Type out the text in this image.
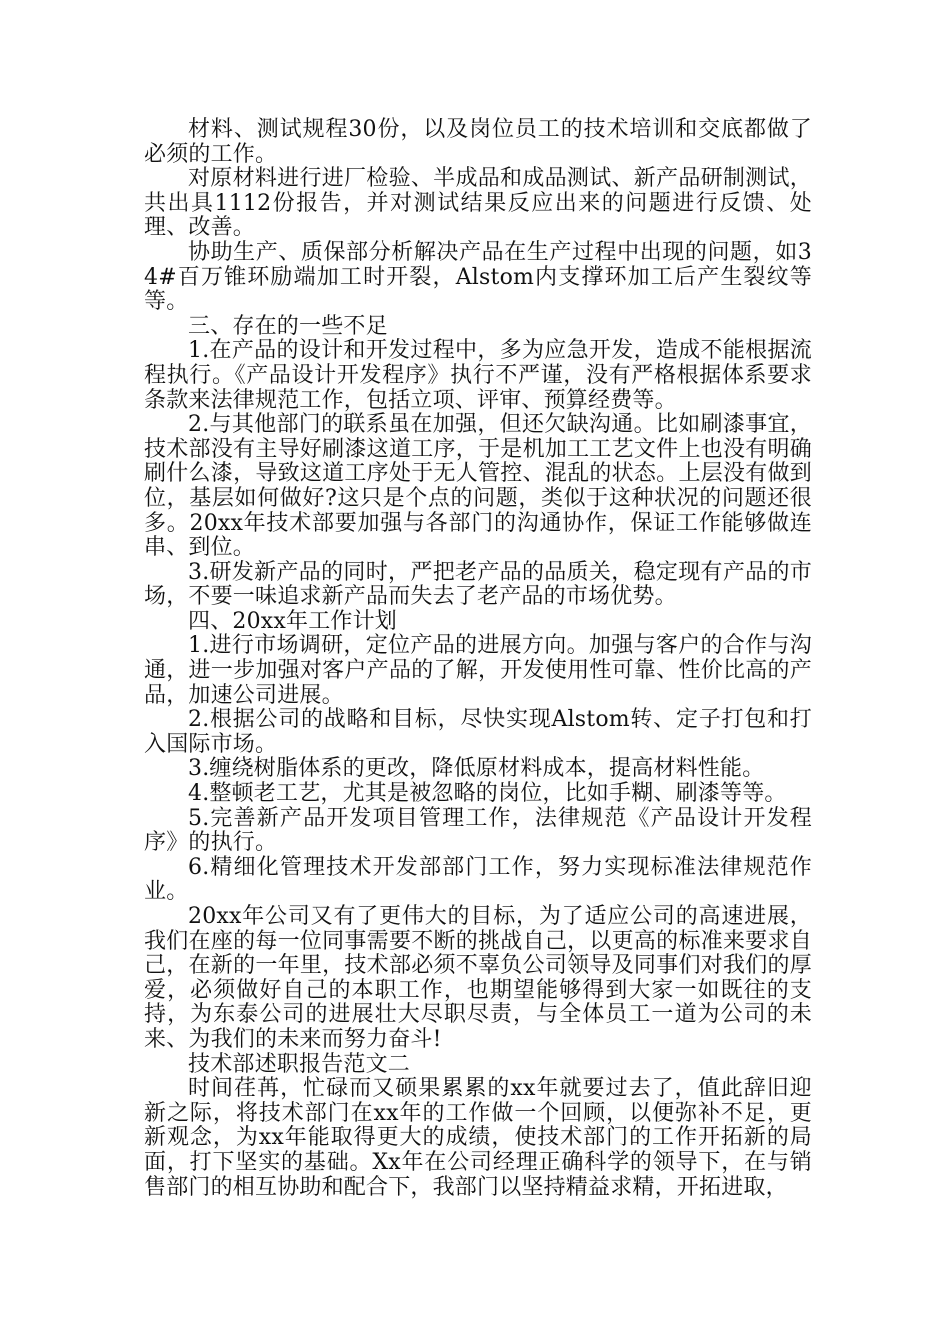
材料、测试规程30份，以及岗位员工的技术培训和交底都做了必须的工作。

对原材料进行进厂检验、半成品和成品测试、新产品研制测试，共出具1112份报告，并对测试结果反应出来的问题进行反馈、处理、改善。

协助生产、质保部分析解决产品在生产过程中出现的问题，如34#百万锥环励端加工时开裂，Alstom内支撑环加工后产生裂纹等等。

三、存在的一些不足

1.在产品的设计和开发过程中，多为应急开发，造成不能根据流程执行。《产品设计开发程序》执行不严谨，没有严格根据体系要求条款来法律规范工作，包括立项、评审、预算经费等。

2.与其他部门的联系虽在加强，但还欠缺沟通。比如刷漆事宜，技术部没有主导好刷漆这道工序，于是机加工工艺文件上也没有明确刷什么漆，导致这道工序处于无人管控、混乱的状态。上层没有做到位，基层如何做好?这只是个点的问题，类似于这种状况的问题还很多。20xx年技术部要加强与各部门的沟通协作，保证工作能够做连串、到位。

3.研发新产品的同时，严把老产品的品质关，稳定现有产品的市场，不要一味追求新产品而失去了老产品的市场优势。

四、20xx年工作计划

1.进行市场调研，定位产品的进展方向。加强与客户的合作与沟通，进一步加强对客户产品的了解，开发使用性可靠、性价比高的产品，加速公司进展。

2.根据公司的战略和目标，尽快实现Alstom转、定子打包和打入国际市场。

3.缠绕树脂体系的更改，降低原材料成本，提高材料性能。

4.整顿老工艺，尤其是被忽略的岗位，比如手糊、刷漆等等。

5.完善新产品开发项目管理工作，法律规范《产品设计开发程序》的执行。

6.精细化管理技术开发部部门工作，努力实现标准法律规范作业。

20xx年公司又有了更伟大的目标，为了适应公司的高速进展，我们在座的每一位同事需要不断的挑战自己，以更高的标准来要求自己，在新的一年里，技术部必须不辜负公司领导及同事们对我们的厚爱，必须做好自己的本职工作，也期望能够得到大家一如既往的支持，为东泰公司的进展壮大尽职尽责，与全体员工一道为公司的未来、为我们的未来而努力奋斗!

技术部述职报告范文二

时间荏苒，忙碌而又硕果累累的xx年就要过去了，值此辞旧迎新之际，将技术部门在xx年的工作做一个回顾，以便弥补不足，更新观念，为xx年能取得更大的成绩，使技术部门的工作开拓新的局面，打下坚实的基础。Xx年在公司经理正确科学的领导下，在与销售部门的相互协助和配合下，我部门以坚持精益求精，开拓进取，
